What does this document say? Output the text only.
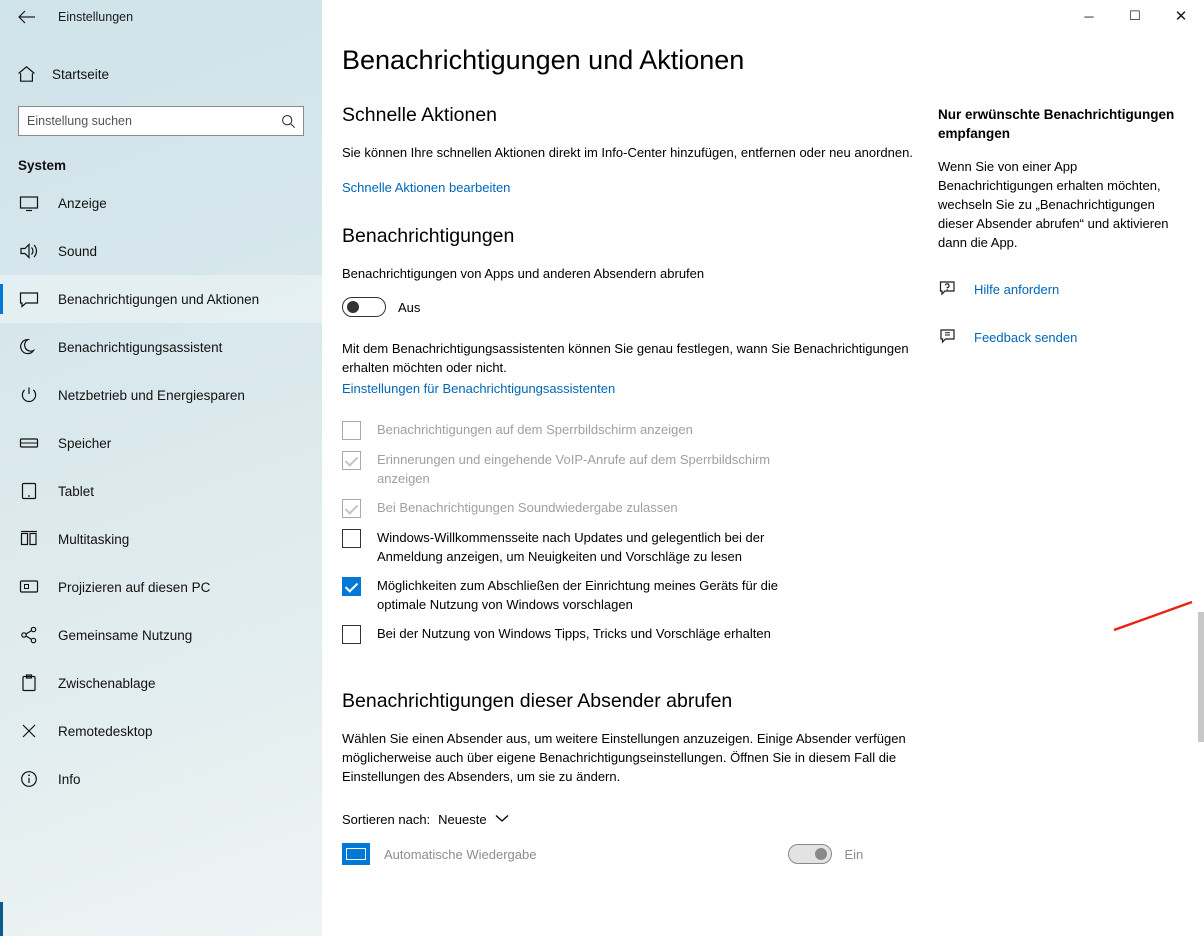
Einstellungen
Startseite
Einstellung suchen
System
Anzeige
Sound
Benachrichtigungen und Aktionen
Benachrichtigungsassistent
Netzbetrieb und Energiesparen
Speicher
Tablet
Multitasking
Projizieren auf diesen PC
Gemeinsame Nutzung
Zwischenablage
Remotedesktop
Info
─	☐	✕
Benachrichtigungen und Aktionen
Schnelle Aktionen

Sie können Ihre schnellen Aktionen direkt im Info-Center hinzufügen, entfernen oder neu anordnen.

Schnelle Aktionen bearbeiten
Benachrichtigungen

Benachrichtigungen von Apps und anderen Absendern abrufen

Aus
Mit dem Benachrichtigungsassistenten können Sie genau festlegen, wann Sie Benachrichtigungen erhalten möchten oder nicht.
Einstellungen für Benachrichtigungsassistenten
Benachrichtigungen auf dem Sperrbildschirm anzeigen
Erinnerungen und eingehende VoIP-Anrufe auf dem Sperrbildschirm anzeigen
Bei Benachrichtigungen Soundwiedergabe zulassen
Windows-Willkommensseite nach Updates und gelegentlich bei der Anmeldung anzeigen, um Neuigkeiten und Vorschläge zu lesen
Möglichkeiten zum Abschließen der Einrichtung meines Geräts für die optimale Nutzung von Windows vorschlagen
Bei der Nutzung von Windows Tipps, Tricks und Vorschläge erhalten
Benachrichtigungen dieser Absender abrufen

Wählen Sie einen Absender aus, um weitere Einstellungen anzuzeigen. Einige Absender verfügen möglicherweise auch über eigene Benachrichtigungseinstellungen. Öffnen Sie in diesem Fall die Einstellungen des Absenders, um sie zu ändern.

Sortieren nach: Neueste
Automatische Wiedergabe	Ein
Nur erwünschte Benachrichtigungen empfangen

Wenn Sie von einer App Benachrichtigungen erhalten möchten, wechseln Sie zu „Benachrichtigungen dieser Absender abrufen“ und aktivieren dann die App.

Hilfe anfordern
Feedback senden
